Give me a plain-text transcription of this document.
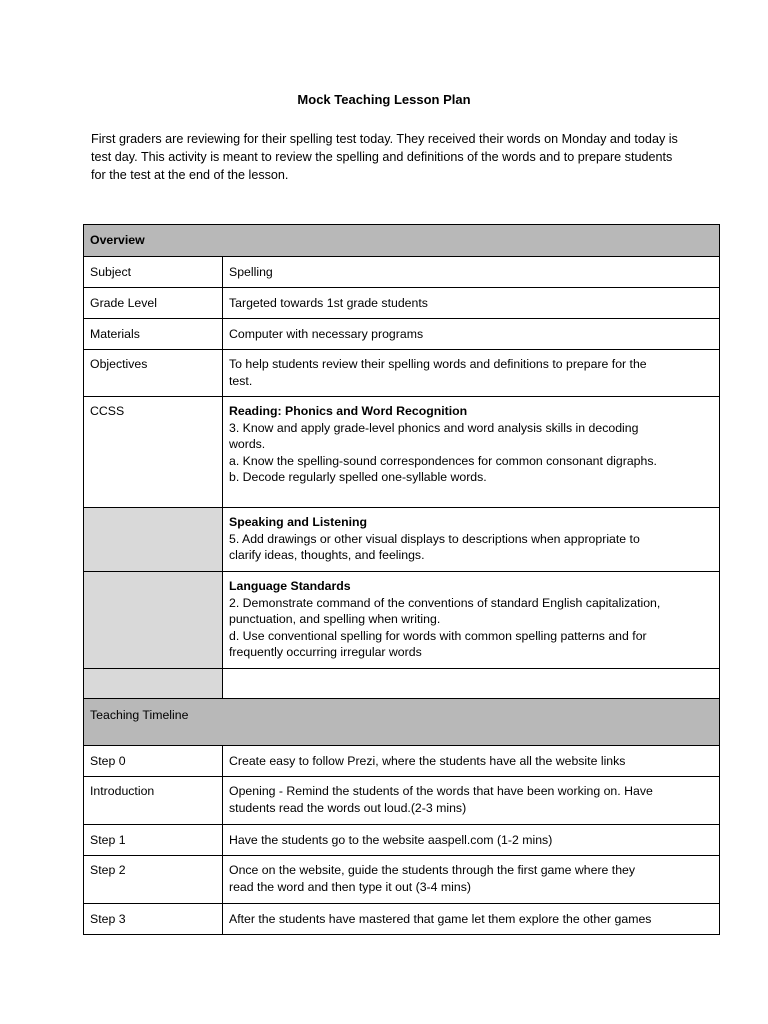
Mock Teaching Lesson Plan
First graders are reviewing for their spelling test today. They received their words on Monday and today is test day. This activity is meant to review the spelling and definitions of the words and to prepare students for the test at the end of the lesson.
Overview	

Subject	Spelling
Grade Level	Targeted towards 1st grade students
Materials	Computer with necessary programs
Objectives	To help students review their spelling words and definitions to prepare for the
test.

CCSS	Reading: Phonics and Word Recognition
3. Know and apply grade-level phonics and word analysis skills in decoding
words.
a. Know the spelling-sound correspondences for common consonant digraphs.
b. Decode regularly spelled one-syllable words.

	Speaking and Listening
5. Add drawings or other visual displays to descriptions when appropriate to
clarify ideas, thoughts, and feelings.

	Language Standards
2. Demonstrate command of the conventions of standard English capitalization,
punctuation, and spelling when writing.
d. Use conventional spelling for words with common spelling patterns and for
frequently occurring irregular words

Teaching Timeline	
Step 0	Create easy to follow Prezi, where the students have all the website links
Introduction	Opening - Remind the students of the words that have been working on. Have
students read the words out loud.(2-3 mins)

Step 1	Have the students go to the website aaspell.com (1-2 mins)
Step 2	Once on the website, guide the students through the first game where they
read the word and then type it out (3-4 mins)

Step 3	After the students have mastered that game let them explore the other games
